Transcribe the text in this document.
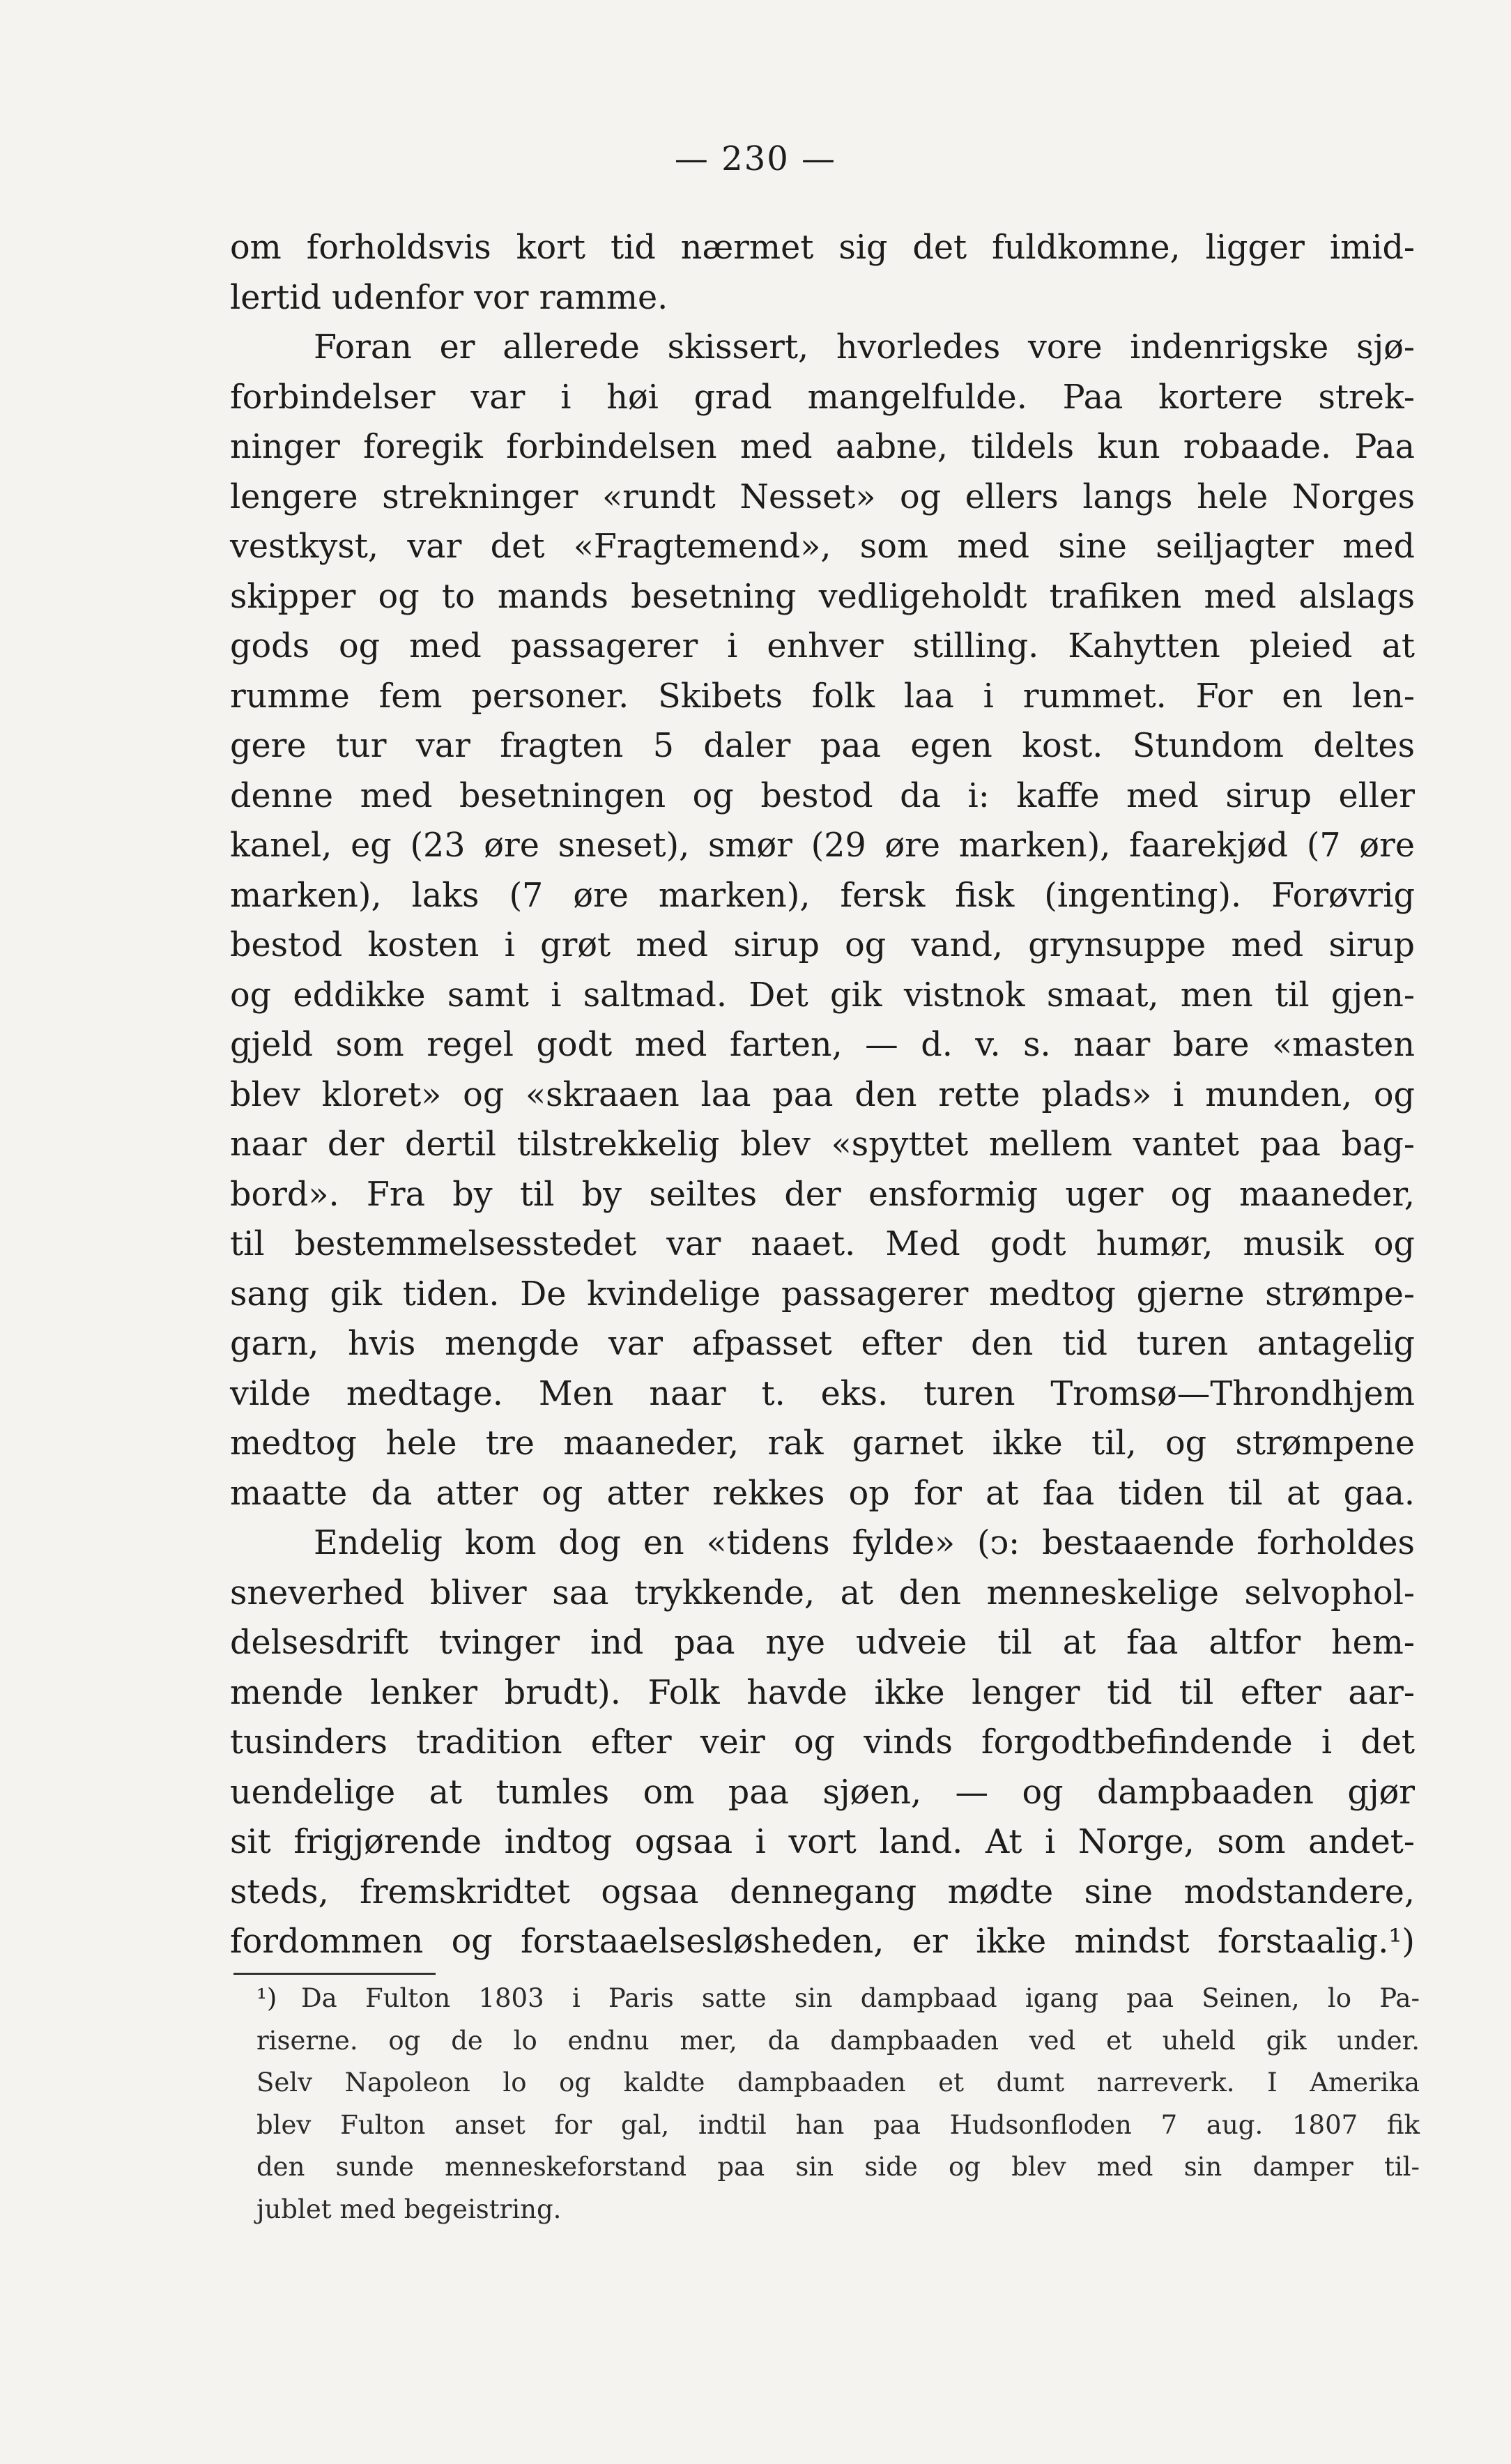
— 230 —
om forholdsvis kort tid nærmet sig det fuldkomne, ligger imid-
lertid udenfor vor ramme.
Foran er allerede skissert, hvorledes vore indenrigske sjø-
forbindelser var i høi grad mangelfulde. Paa kortere strek-
ninger foregik forbindelsen med aabne, tildels kun robaade. Paa
lengere strekninger «rundt Nesset» og ellers langs hele Norges
vestkyst, var det «Fragtemend», som med sine seiljagter med
skipper og to mands besetning vedligeholdt trafiken med alslags
gods og med passagerer i enhver stilling. Kahytten pleied at
rumme fem personer. Skibets folk laa i rummet. For en len-
gere tur var fragten 5 daler paa egen kost. Stundom deltes
denne med besetningen og bestod da i: kaffe med sirup eller
kanel, eg (23 øre sneset), smør (29 øre marken), faarekjød (7 øre
marken), laks (7 øre marken), fersk fisk (ingenting). Forøvrig
bestod kosten i grøt med sirup og vand, grynsuppe med sirup
og eddikke samt i saltmad. Det gik vistnok smaat, men til gjen-
gjeld som regel godt med farten, — d. v. s. naar bare «masten
blev kloret» og «skraaen laa paa den rette plads» i munden, og
naar der dertil tilstrekkelig blev «spyttet mellem vantet paa bag-
bord». Fra by til by seiltes der ensformig uger og maaneder,
til bestemmelsesstedet var naaet. Med godt humør, musik og
sang gik tiden. De kvindelige passagerer medtog gjerne strømpe-
garn, hvis mengde var afpasset efter den tid turen antagelig
vilde medtage. Men naar t. eks. turen Tromsø—Throndhjem
medtog hele tre maaneder, rak garnet ikke til, og strømpene
maatte da atter og atter rekkes op for at faa tiden til at gaa.
Endelig kom dog en «tidens fylde» (ↄ: bestaaende forholdes
sneverhed bliver saa trykkende, at den menneskelige selvophol-
delsesdrift tvinger ind paa nye udveie til at faa altfor hem-
mende lenker brudt). Folk havde ikke lenger tid til efter aar-
tusinders tradition efter veir og vinds forgodtbefindende i det
uendelige at tumles om paa sjøen, — og dampbaaden gjør
sit frigjørende indtog ogsaa i vort land. At i Norge, som andet-
steds, fremskridtet ogsaa dennegang mødte sine modstandere,
fordommen og forstaaelsesløsheden, er ikke mindst forstaalig.¹)
¹) Da Fulton 1803 i Paris satte sin dampbaad igang paa Seinen, lo Pa-
riserne. og de lo endnu mer, da dampbaaden ved et uheld gik under.
Selv Napoleon lo og kaldte dampbaaden et dumt narreverk. I Amerika
blev Fulton anset for gal, indtil han paa Hudsonfloden 7 aug. 1807 fik
den sunde menneskeforstand paa sin side og blev med sin damper til-
jublet med begeistring.
